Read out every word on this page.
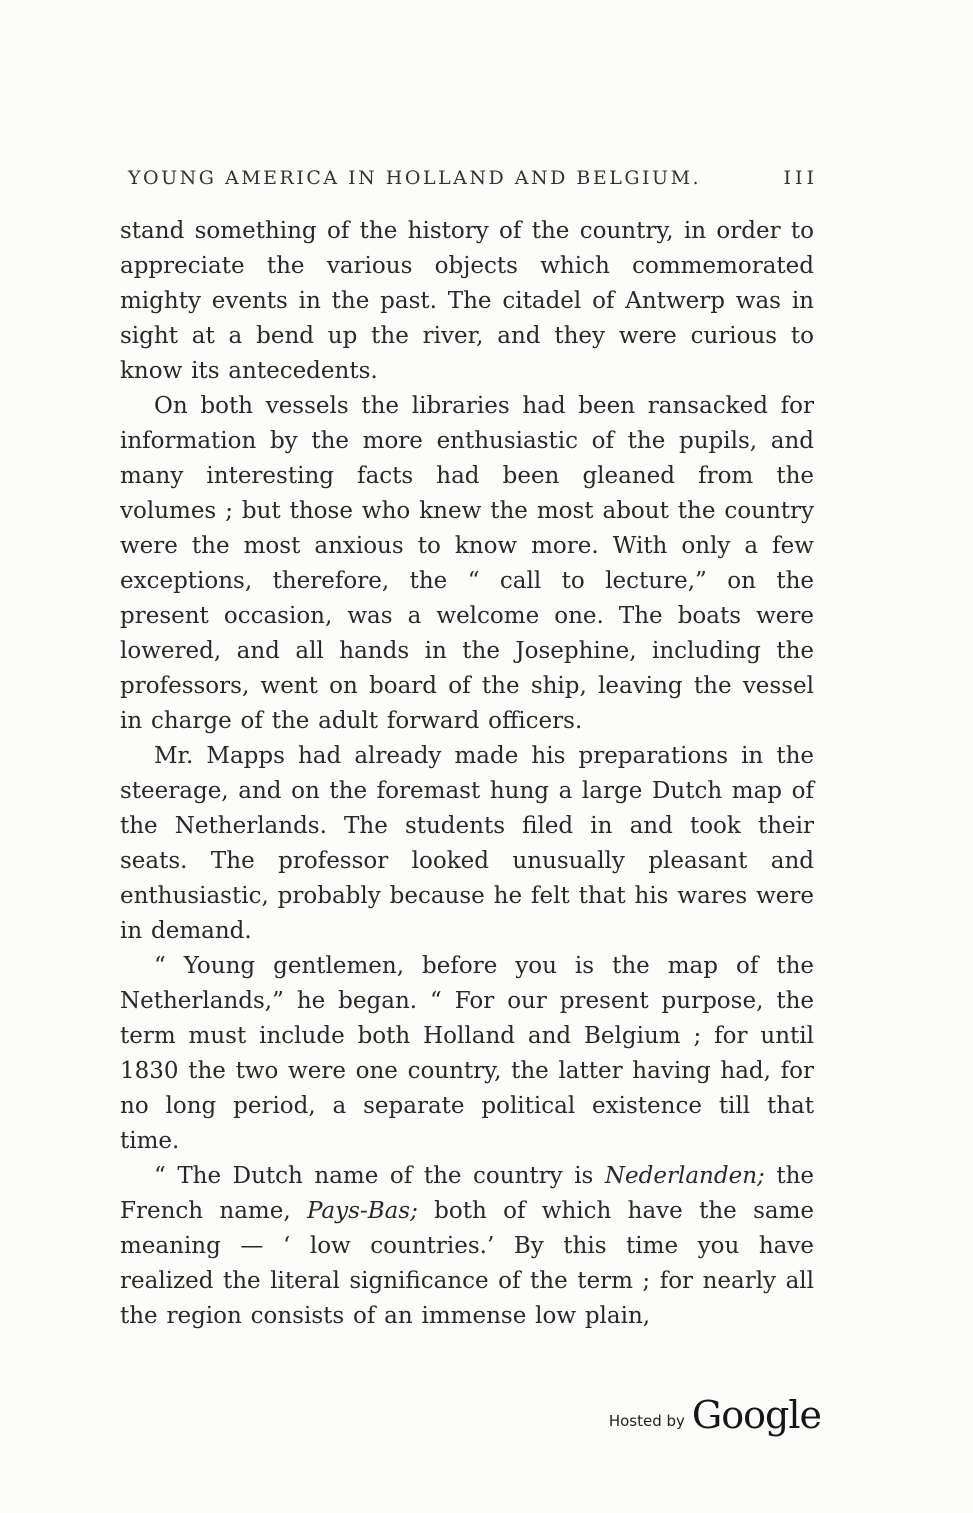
YOUNG AMERICA IN HOLLAND AND BELGIUM.	III

stand something of the history of the country, in order to appreciate the various objects which commemorated mighty events in the past. The citadel of Antwerp was in sight at a bend up the river, and they were curious to know its antecedents.

On both vessels the libraries had been ransacked for information by the more enthusiastic of the pupils, and many interesting facts had been gleaned from the volumes ; but those who knew the most about the country were the most anxious to know more. With only a few exceptions, therefore, the “ call to lecture,” on the present occasion, was a welcome one. The boats were lowered, and all hands in the Josephine, including the professors, went on board of the ship, leaving the vessel in charge of the adult forward officers.

Mr. Mapps had already made his preparations in the steerage, and on the foremast hung a large Dutch map of the Netherlands. The students filed in and took their seats. The professor looked unusually pleasant and enthusiastic, probably because he felt that his wares were in demand.

“ Young gentlemen, before you is the map of the Netherlands,” he began. “ For our present purpose, the term must include both Holland and Belgium ; for until 1830 the two were one country, the latter having had, for no long period, a separate political existence till that time.

“ The Dutch name of the country is Nederlanden; the French name, Pays-Bas; both of which have the same meaning — ‘ low countries.’ By this time you have realized the literal significance of the term ; for nearly all the region consists of an immense low plain,

Hosted by Google
